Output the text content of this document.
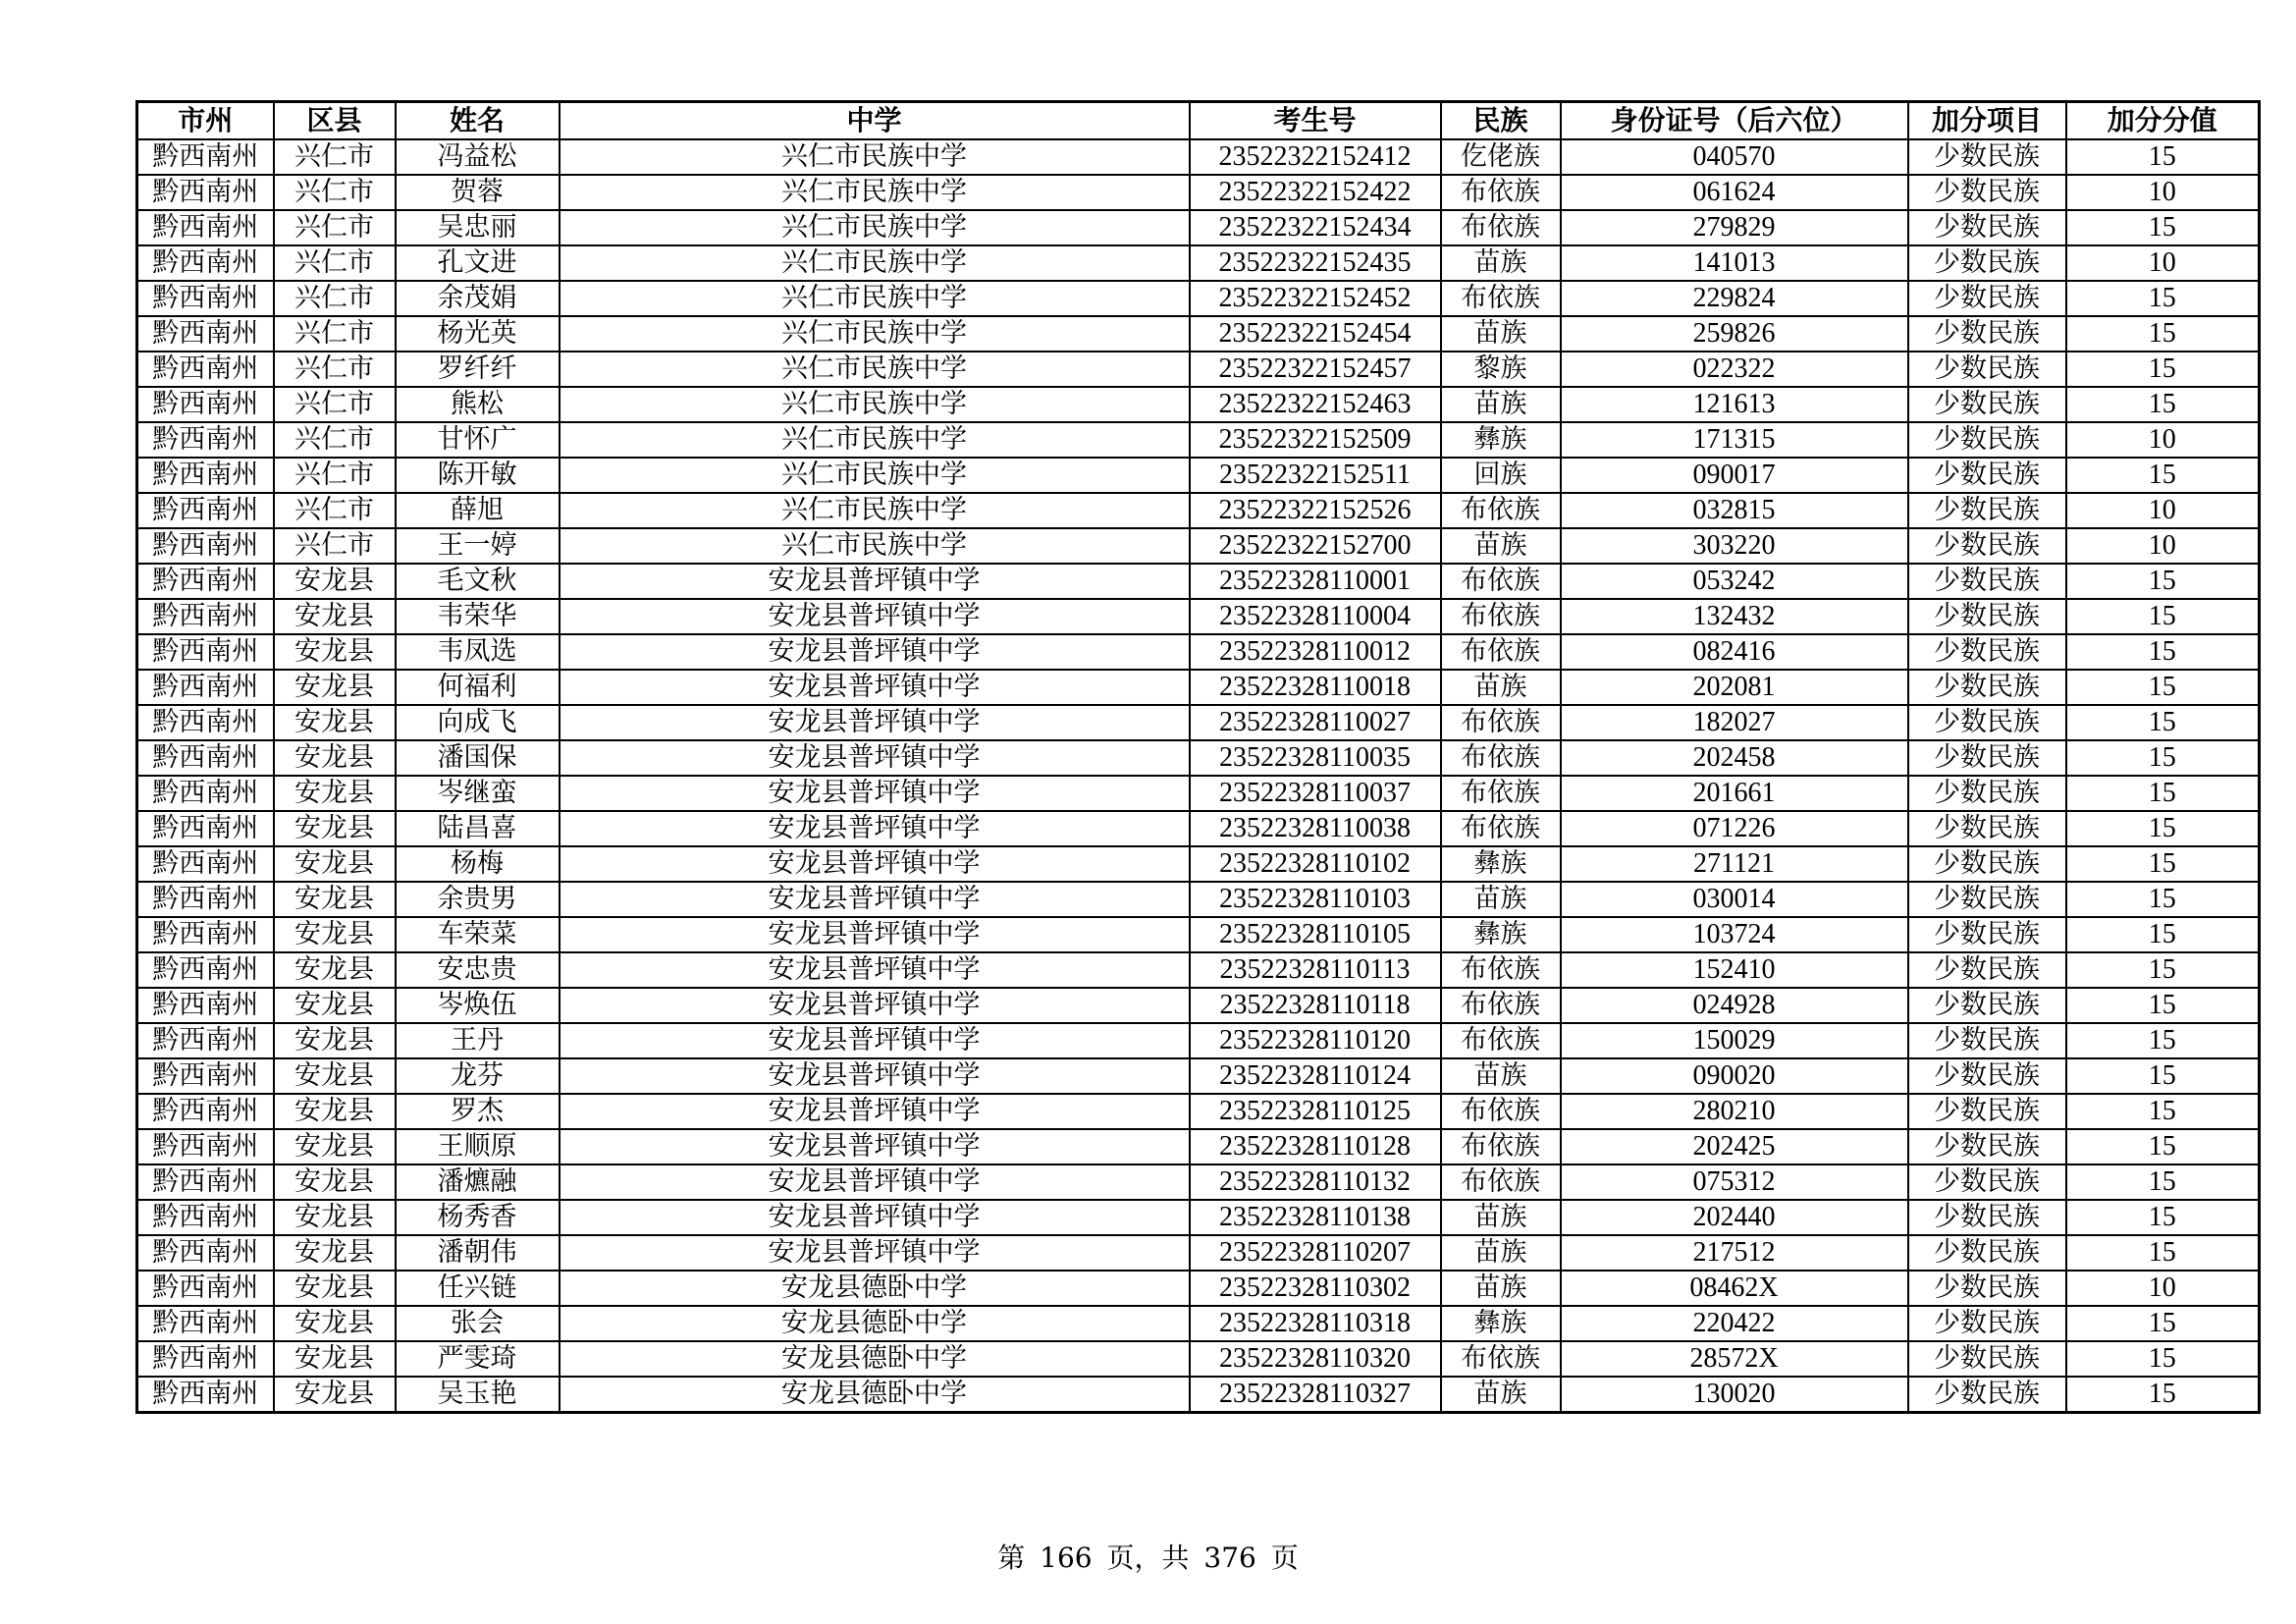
市州	区县	姓名	中学	考生号	民族	身份证号（后六位）	加分项目	加分分值
黔西南州	兴仁市	冯益松	兴仁市民族中学	23522322152412	仡佬族	040570	少数民族	15
黔西南州	兴仁市	贺蓉	兴仁市民族中学	23522322152422	布依族	061624	少数民族	10
黔西南州	兴仁市	吴忠丽	兴仁市民族中学	23522322152434	布依族	279829	少数民族	15
黔西南州	兴仁市	孔文进	兴仁市民族中学	23522322152435	苗族	141013	少数民族	10
黔西南州	兴仁市	余茂娟	兴仁市民族中学	23522322152452	布依族	229824	少数民族	15
黔西南州	兴仁市	杨光英	兴仁市民族中学	23522322152454	苗族	259826	少数民族	15
黔西南州	兴仁市	罗纤纤	兴仁市民族中学	23522322152457	黎族	022322	少数民族	15
黔西南州	兴仁市	熊松	兴仁市民族中学	23522322152463	苗族	121613	少数民族	15
黔西南州	兴仁市	甘怀广	兴仁市民族中学	23522322152509	彝族	171315	少数民族	10
黔西南州	兴仁市	陈开敏	兴仁市民族中学	23522322152511	回族	090017	少数民族	15
黔西南州	兴仁市	薛旭	兴仁市民族中学	23522322152526	布依族	032815	少数民族	10
黔西南州	兴仁市	王一婷	兴仁市民族中学	23522322152700	苗族	303220	少数民族	10
黔西南州	安龙县	毛文秋	安龙县普坪镇中学	23522328110001	布依族	053242	少数民族	15
黔西南州	安龙县	韦荣华	安龙县普坪镇中学	23522328110004	布依族	132432	少数民族	15
黔西南州	安龙县	韦凤选	安龙县普坪镇中学	23522328110012	布依族	082416	少数民族	15
黔西南州	安龙县	何福利	安龙县普坪镇中学	23522328110018	苗族	202081	少数民族	15
黔西南州	安龙县	向成飞	安龙县普坪镇中学	23522328110027	布依族	182027	少数民族	15
黔西南州	安龙县	潘国保	安龙县普坪镇中学	23522328110035	布依族	202458	少数民族	15
黔西南州	安龙县	岑继蛮	安龙县普坪镇中学	23522328110037	布依族	201661	少数民族	15
黔西南州	安龙县	陆昌喜	安龙县普坪镇中学	23522328110038	布依族	071226	少数民族	15
黔西南州	安龙县	杨梅	安龙县普坪镇中学	23522328110102	彝族	271121	少数民族	15
黔西南州	安龙县	余贵男	安龙县普坪镇中学	23522328110103	苗族	030014	少数民族	15
黔西南州	安龙县	车荣菜	安龙县普坪镇中学	23522328110105	彝族	103724	少数民族	15
黔西南州	安龙县	安忠贵	安龙县普坪镇中学	23522328110113	布依族	152410	少数民族	15
黔西南州	安龙县	岑焕伍	安龙县普坪镇中学	23522328110118	布依族	024928	少数民族	15
黔西南州	安龙县	王丹	安龙县普坪镇中学	23522328110120	布依族	150029	少数民族	15
黔西南州	安龙县	龙芬	安龙县普坪镇中学	23522328110124	苗族	090020	少数民族	15
黔西南州	安龙县	罗杰	安龙县普坪镇中学	23522328110125	布依族	280210	少数民族	15
黔西南州	安龙县	王顺原	安龙县普坪镇中学	23522328110128	布依族	202425	少数民族	15
黔西南州	安龙县	潘爊融	安龙县普坪镇中学	23522328110132	布依族	075312	少数民族	15
黔西南州	安龙县	杨秀香	安龙县普坪镇中学	23522328110138	苗族	202440	少数民族	15
黔西南州	安龙县	潘朝伟	安龙县普坪镇中学	23522328110207	苗族	217512	少数民族	15
黔西南州	安龙县	任兴链	安龙县德卧中学	23522328110302	苗族	08462X	少数民族	10
黔西南州	安龙县	张会	安龙县德卧中学	23522328110318	彝族	220422	少数民族	15
黔西南州	安龙县	严雯琦	安龙县德卧中学	23522328110320	布依族	28572X	少数民族	15
黔西南州	安龙县	吴玉艳	安龙县德卧中学	23522328110327	苗族	130020	少数民族	15
第 166 页，共 376 页
